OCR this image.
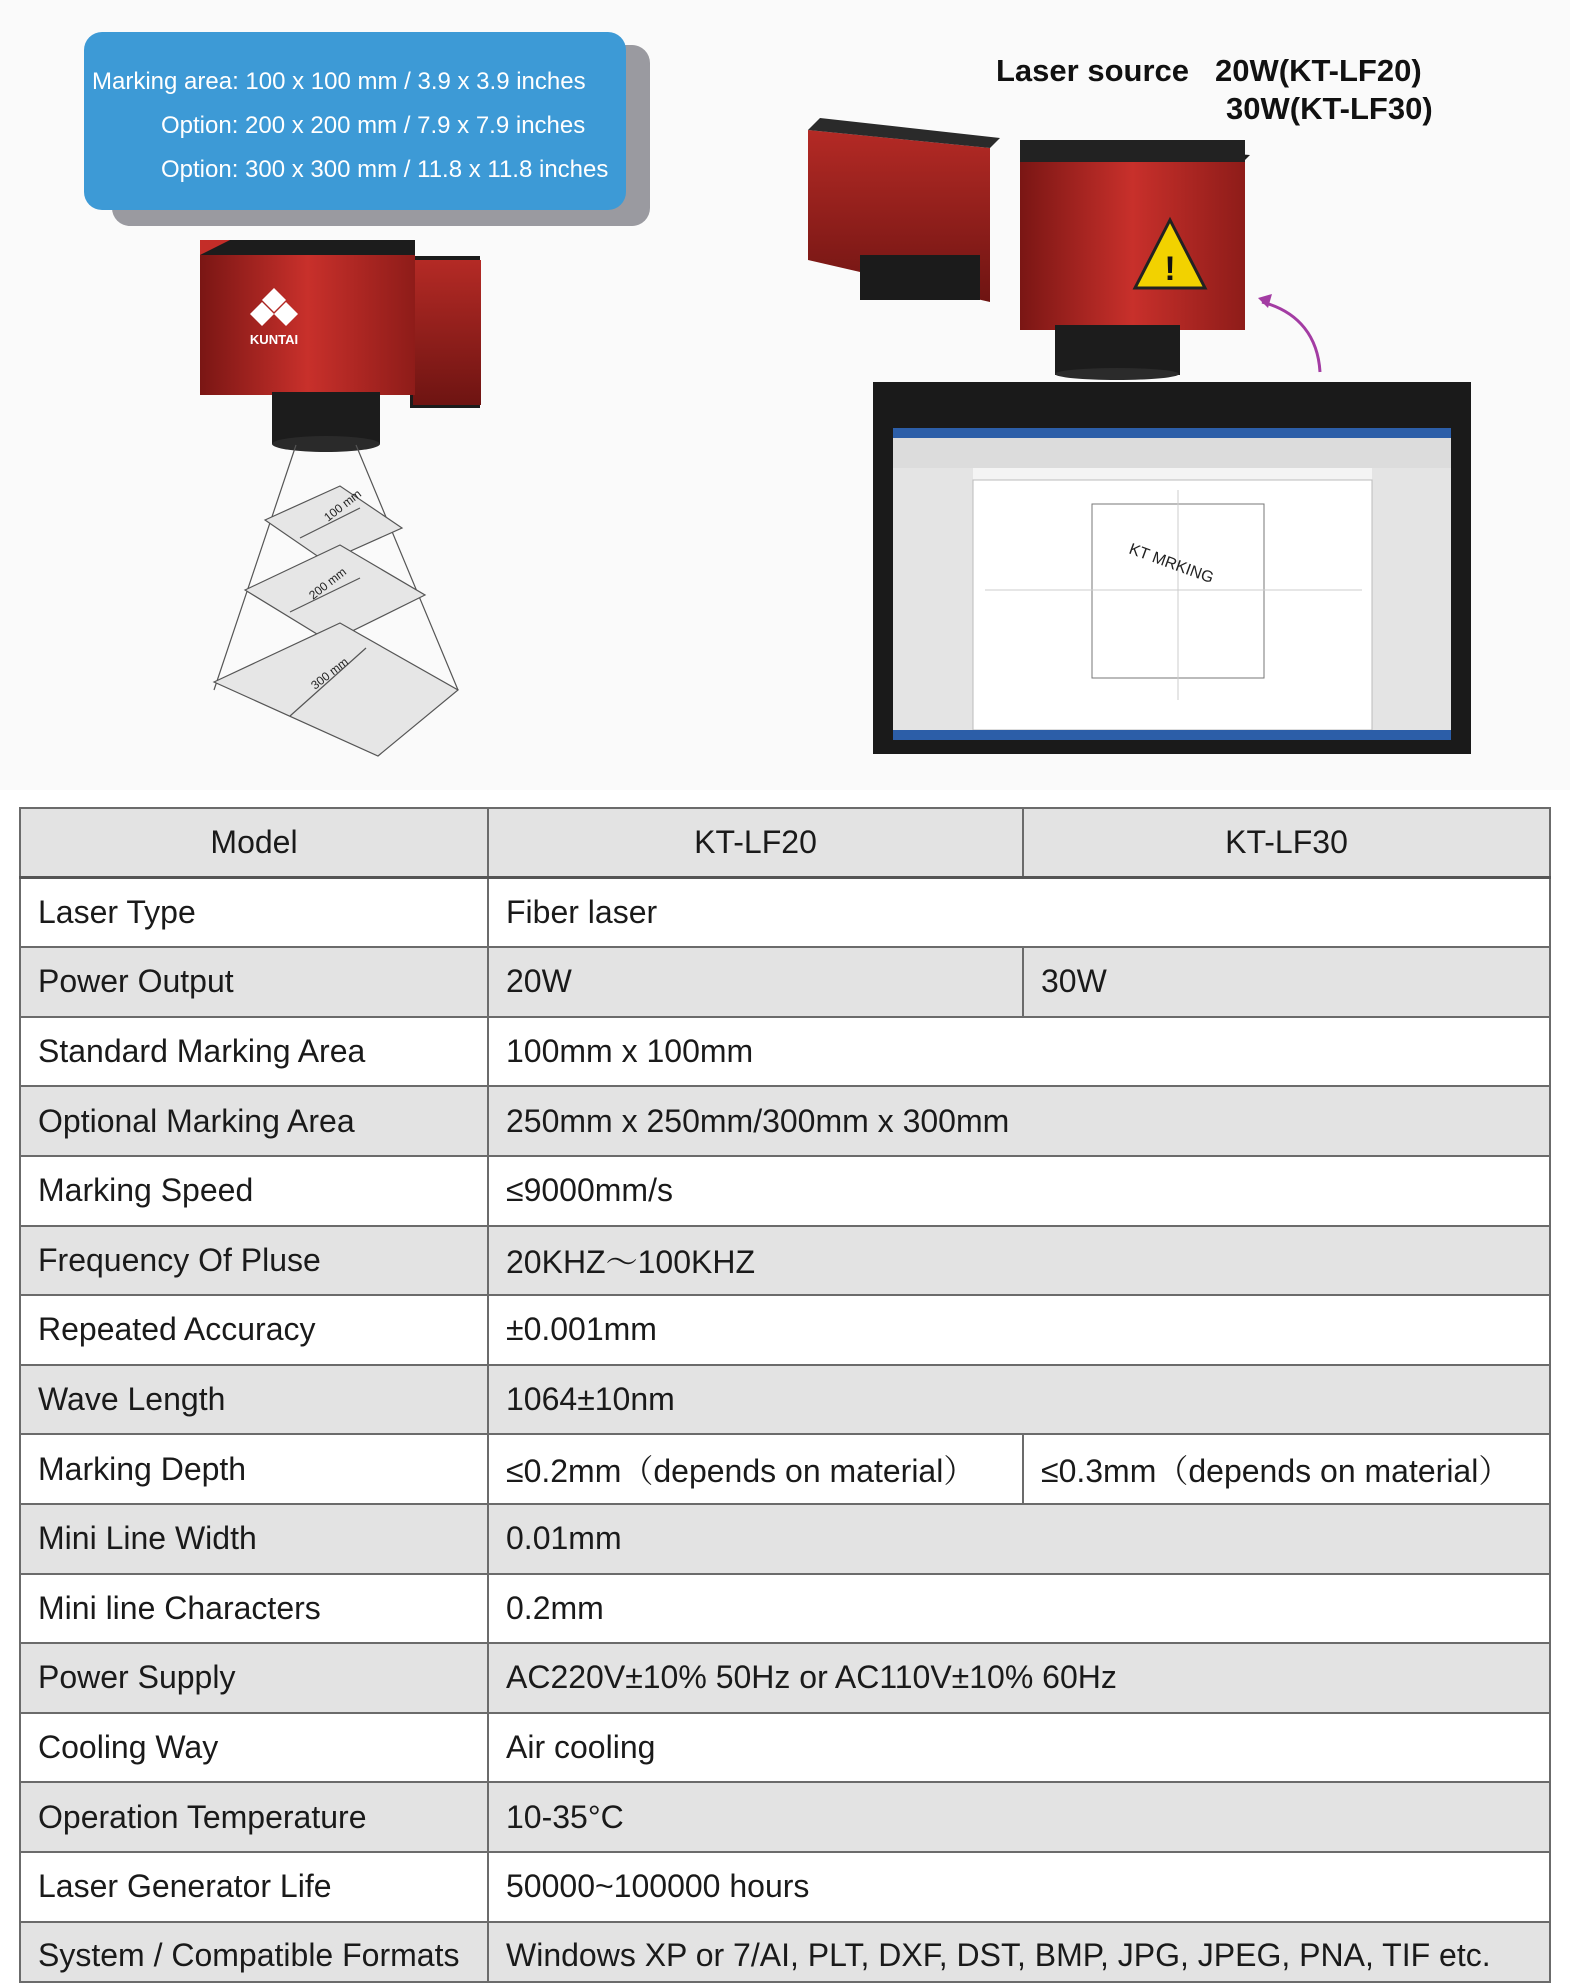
Marking area: 100 x 100 mm / 3.9 x 3.9 inches
Option: 200 x 200 mm / 7.9 x 7.9 inches
Option: 300 x 300 mm / 11.8 x 11.8 inches
Laser source 20W(KT-LF20)
30W(KT-LF30)
KUNTAI
100 mm
200 mm
300 mm
!
KT MRKING
Model	KT-LF20	KT-LF30
Laser Type	Fiber laser	
Power Output	20W	30W
Standard Marking Area	100mm x 100mm	
Optional Marking Area	250mm x 250mm/300mm x 300mm	
Marking Speed	≤9000mm/s	
Frequency Of Pluse	20KHZ～100KHZ	
Repeated Accuracy	±0.001mm	
Wave Length	1064±10nm	
Marking Depth	≤0.2mm（depends on material）	≤0.3mm（depends on material）
Mini Line Width	0.01mm	
Mini line Characters	0.2mm	
Power Supply	AC220V±10% 50Hz or AC110V±10% 60Hz	
Cooling Way	Air cooling	
Operation Temperature	10-35°C	
Laser Generator Life	50000~100000 hours	
System / Compatible Formats	Windows XP or 7/AI, PLT, DXF, DST, BMP, JPG, JPEG, PNA, TIF etc.	
